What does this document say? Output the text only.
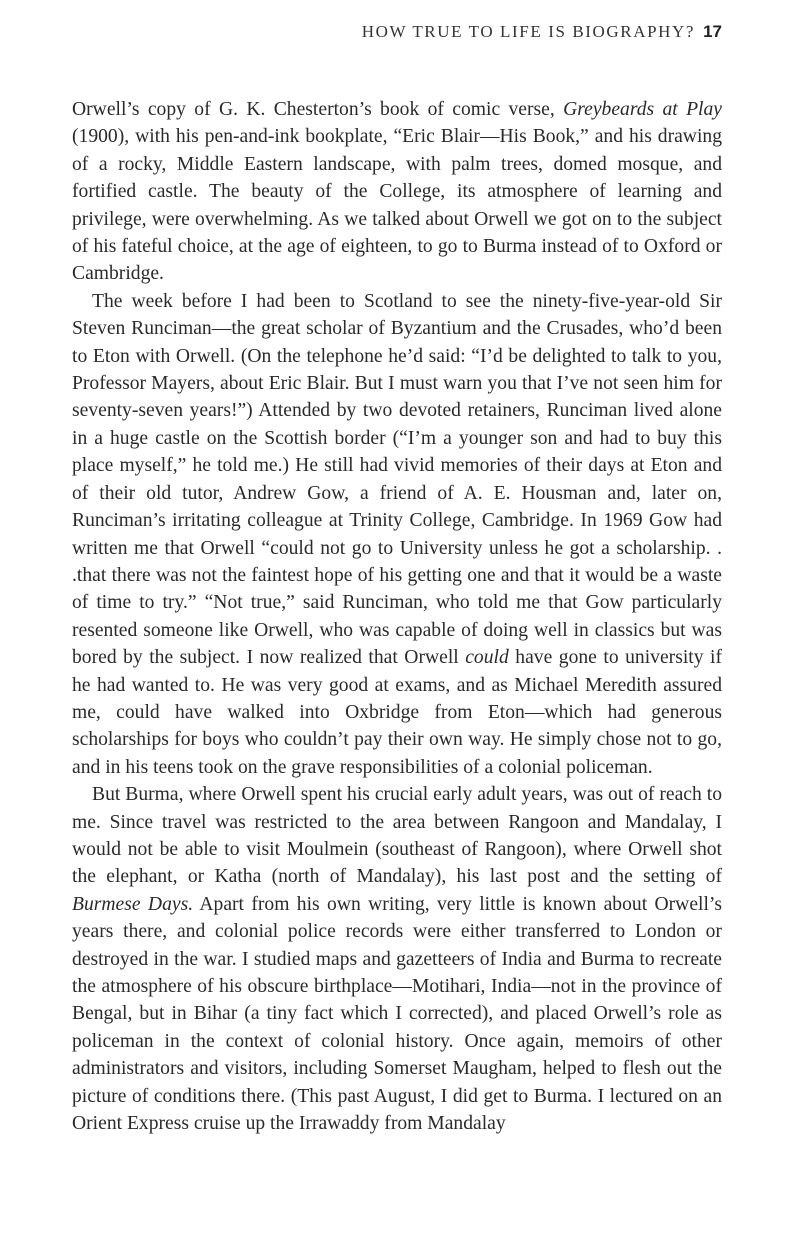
HOW TRUE TO LIFE IS BIOGRAPHY? 17

Orwell’s copy of G. K. Chesterton’s book of comic verse, Greybeards at Play (1900), with his pen-and-ink bookplate, “Eric Blair—His Book,” and his drawing of a rocky, Middle Eastern landscape, with palm trees, domed mosque, and fortified castle. The beauty of the College, its atmosphere of learning and privilege, were overwhelming. As we talked about Orwell we got on to the subject of his fateful choice, at the age of eighteen, to go to Burma instead of to Oxford or Cambridge.

The week before I had been to Scotland to see the ninety-five-year-old Sir Steven Runciman—the great scholar of Byzantium and the Crusades, who’d been to Eton with Orwell. (On the telephone he’d said: “I’d be delighted to talk to you, Professor Mayers, about Eric Blair. But I must warn you that I’ve not seen him for seventy-seven years!”) Attended by two devoted retainers, Runciman lived alone in a huge castle on the Scottish border (“I’m a younger son and had to buy this place myself,” he told me.) He still had vivid memories of their days at Eton and of their old tutor, Andrew Gow, a friend of A. E. Housman and, later on, Runciman’s irritating colleague at Trinity College, Cambridge. In 1969 Gow had written me that Orwell “could not go to University unless he got a scholarship. . .that there was not the faintest hope of his getting one and that it would be a waste of time to try.” “Not true,” said Runciman, who told me that Gow particularly resented someone like Orwell, who was capable of doing well in classics but was bored by the subject. I now realized that Orwell could have gone to university if he had wanted to. He was very good at exams, and as Michael Meredith assured me, could have walked into Oxbridge from Eton—which had generous scholarships for boys who couldn’t pay their own way. He simply chose not to go, and in his teens took on the grave responsibilities of a colonial policeman.

But Burma, where Orwell spent his crucial early adult years, was out of reach to me. Since travel was restricted to the area between Rangoon and Mandalay, I would not be able to visit Moulmein (southeast of Rangoon), where Orwell shot the elephant, or Katha (north of Mandalay), his last post and the setting of Burmese Days. Apart from his own writing, very little is known about Orwell’s years there, and colonial police records were either transferred to London or destroyed in the war. I studied maps and gazetteers of India and Burma to recreate the atmosphere of his obscure birthplace—Motihari, India—not in the province of Bengal, but in Bihar (a tiny fact which I corrected), and placed Orwell’s role as policeman in the context of colonial history. Once again, memoirs of other administrators and visitors, including Somerset Maugham, helped to flesh out the picture of conditions there. (This past August, I did get to Burma. I lectured on an Orient Express cruise up the Irrawaddy from Mandalay
